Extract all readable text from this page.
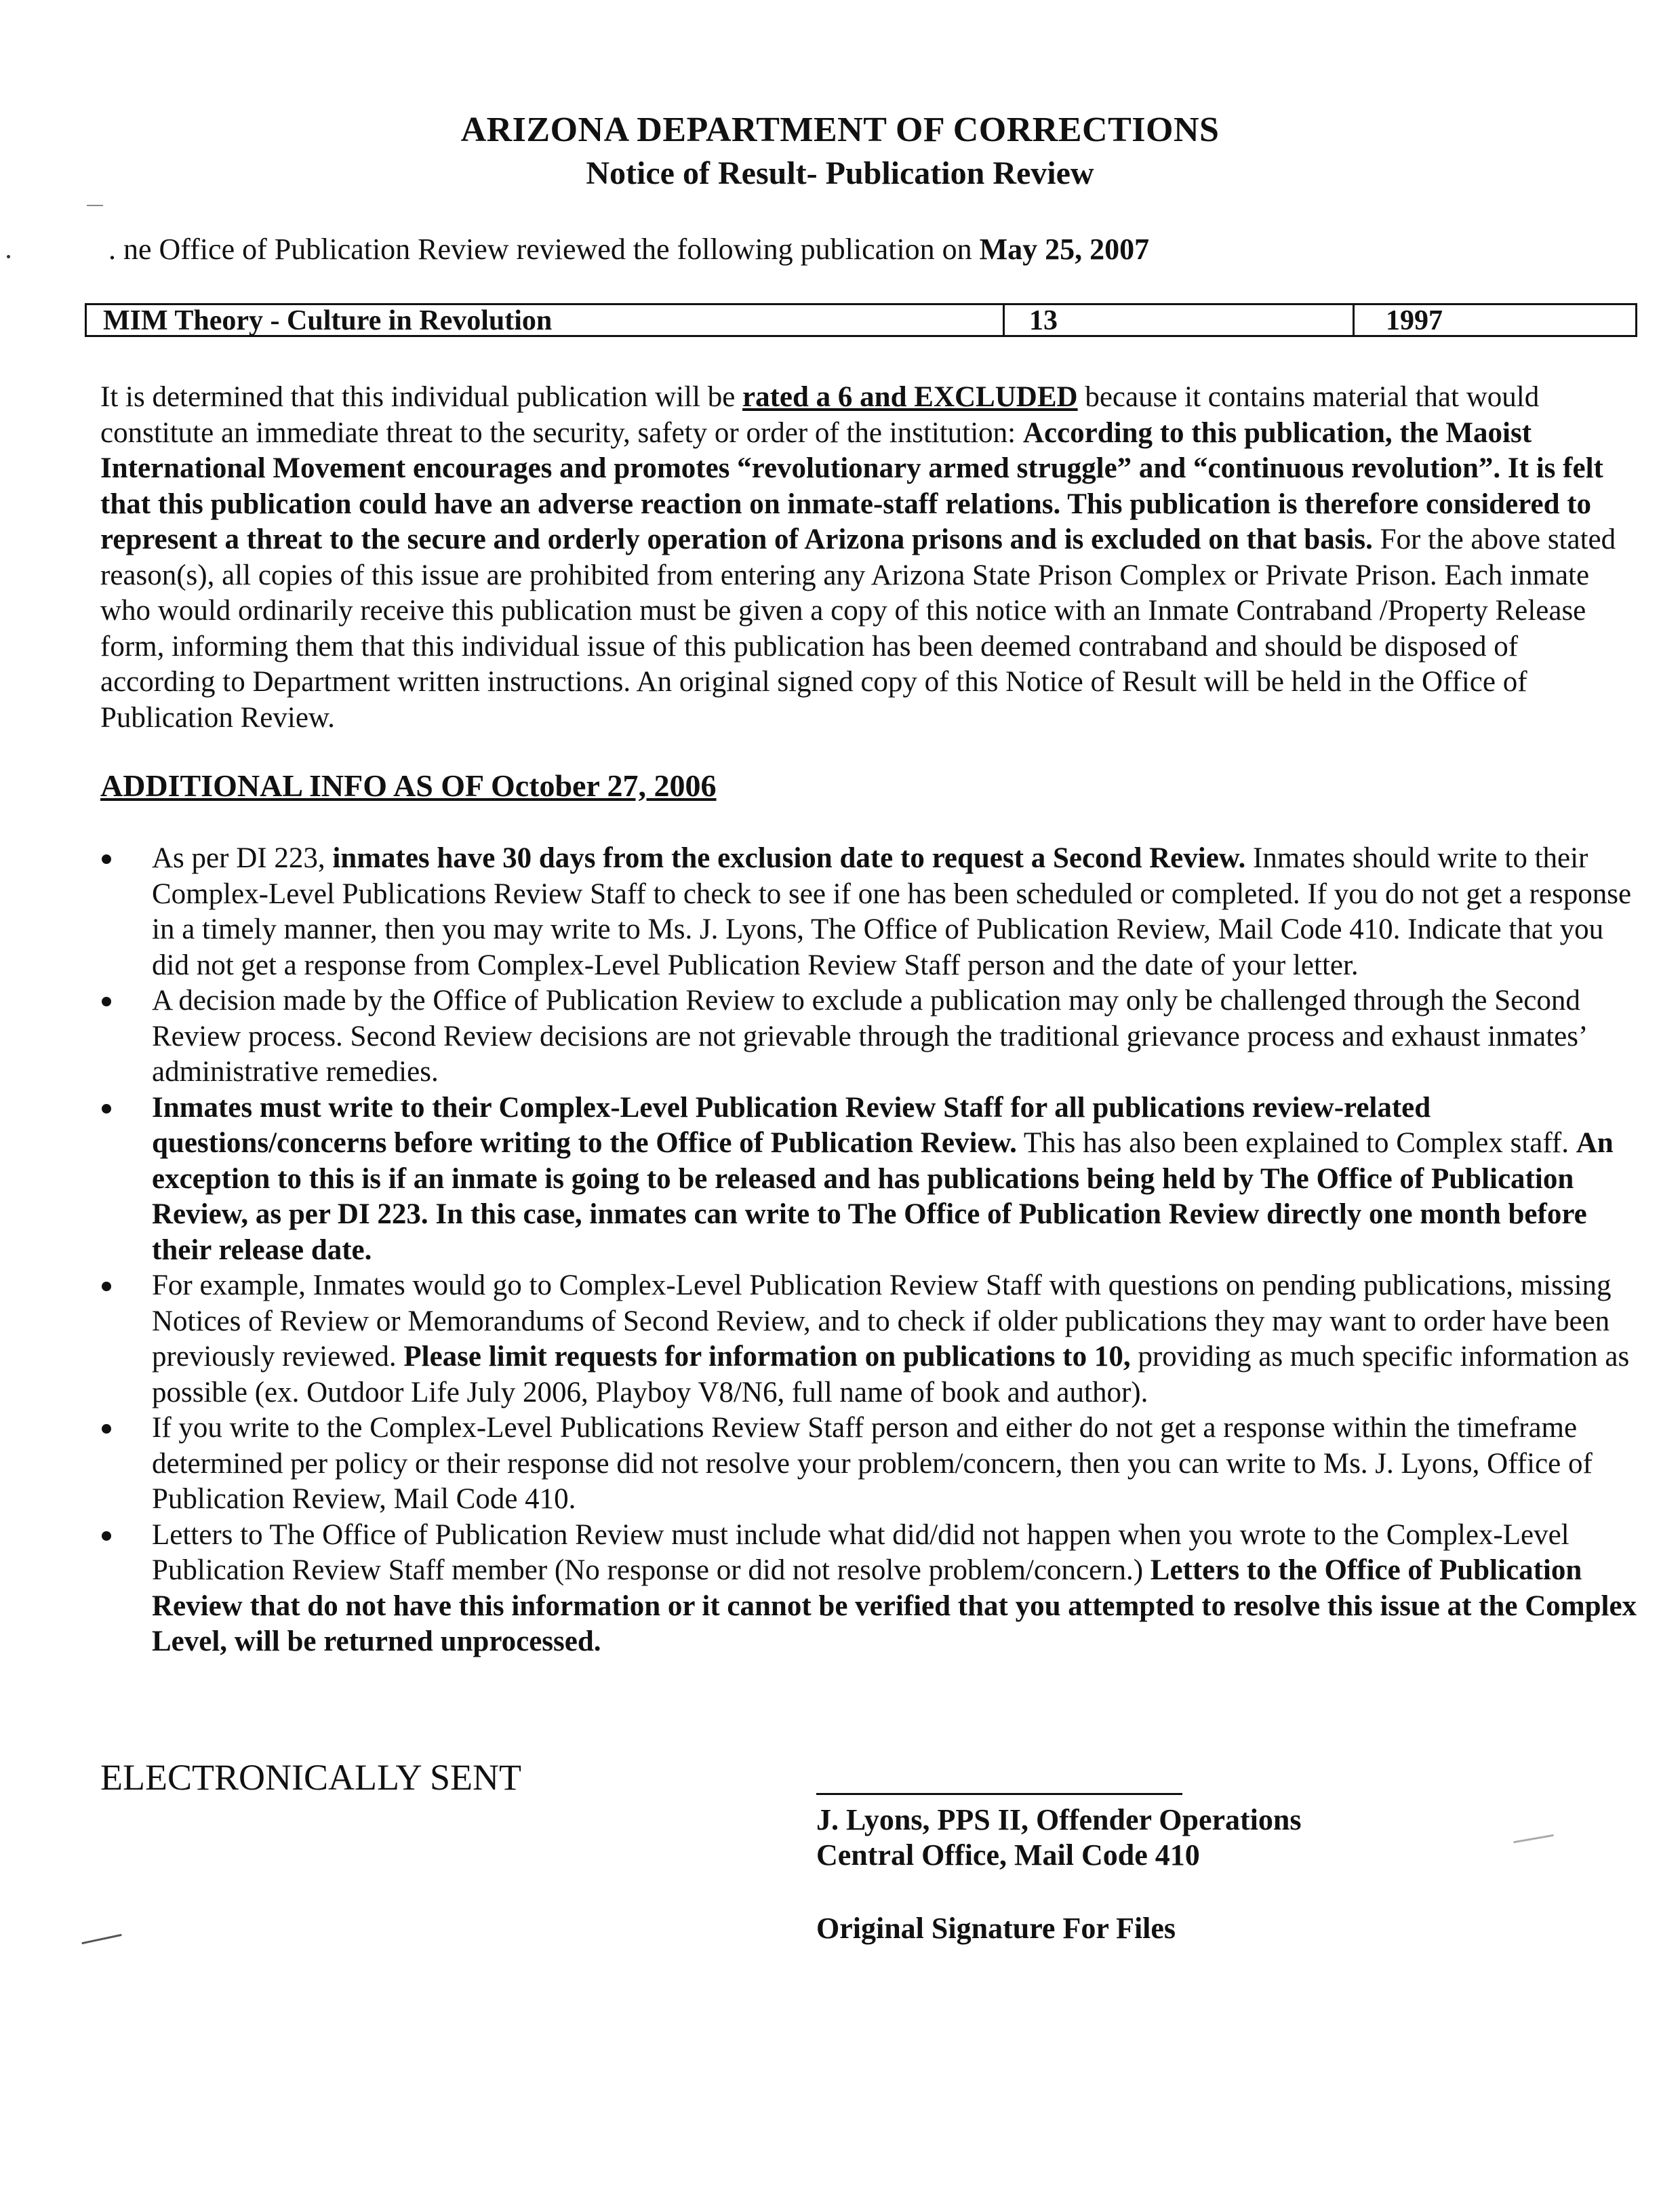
ARIZONA DEPARTMENT OF CORRECTIONS
Notice of Result- Publication Review
. ne Office of Publication Review reviewed the following publication on May 25, 2007
MIM Theory - Culture in Revolution	13	1997
It is determined that this individual publication will be rated a 6 and EXCLUDED because it contains material that would constitute an immediate threat to the security, safety or order of the institution: According to this publication, the Maoist International Movement encourages and promotes “revolutionary armed struggle” and “continuous revolution”. It is felt that this publication could have an adverse reaction on inmate-staff relations. This publication is therefore considered to represent a threat to the secure and orderly operation of Arizona prisons and is excluded on that basis. For the above stated reason(s), all copies of this issue are prohibited from entering any Arizona State Prison Complex or Private Prison. Each inmate who would ordinarily receive this publication must be given a copy of this notice with an Inmate Contraband /Property Release form, informing them that this individual issue of this publication has been deemed contraband and should be disposed of according to Department written instructions. An original signed copy of this Notice of Result will be held in the Office of Publication Review.
ADDITIONAL INFO AS OF October 27, 2006
As per DI 223, inmates have 30 days from the exclusion date to request a Second Review. Inmates should write to their Complex-Level Publications Review Staff to check to see if one has been scheduled or completed. If you do not get a response in a timely manner, then you may write to Ms. J. Lyons, The Office of Publication Review, Mail Code 410. Indicate that you did not get a response from Complex-Level Publication Review Staff person and the date of your letter.
A decision made by the Office of Publication Review to exclude a publication may only be challenged through the Second Review process. Second Review decisions are not grievable through the traditional grievance process and exhaust inmates’ administrative remedies.
Inmates must write to their Complex-Level Publication Review Staff for all publications review-related questions/concerns before writing to the Office of Publication Review. This has also been explained to Complex staff. An exception to this is if an inmate is going to be released and has publications being held by The Office of Publication Review, as per DI 223. In this case, inmates can write to The Office of Publication Review directly one month before their release date.
For example, Inmates would go to Complex-Level Publication Review Staff with questions on pending publications, missing Notices of Review or Memorandums of Second Review, and to check if older publications they may want to order have been previously reviewed. Please limit requests for information on publications to 10, providing as much specific information as possible (ex. Outdoor Life July 2006, Playboy V8/N6, full name of book and author).
If you write to the Complex-Level Publications Review Staff person and either do not get a response within the timeframe determined per policy or their response did not resolve your problem/concern, then you can write to Ms. J. Lyons, Office of Publication Review, Mail Code 410.
Letters to The Office of Publication Review must include what did/did not happen when you wrote to the Complex-Level Publication Review Staff member (No response or did not resolve problem/concern.) Letters to the Office of Publication Review that do not have this information or it cannot be verified that you attempted to resolve this issue at the Complex Level, will be returned unprocessed.
ELECTRONICALLY SENT
J. Lyons, PPS II, Offender Operations
Central Office, Mail Code 410
Original Signature For Files
